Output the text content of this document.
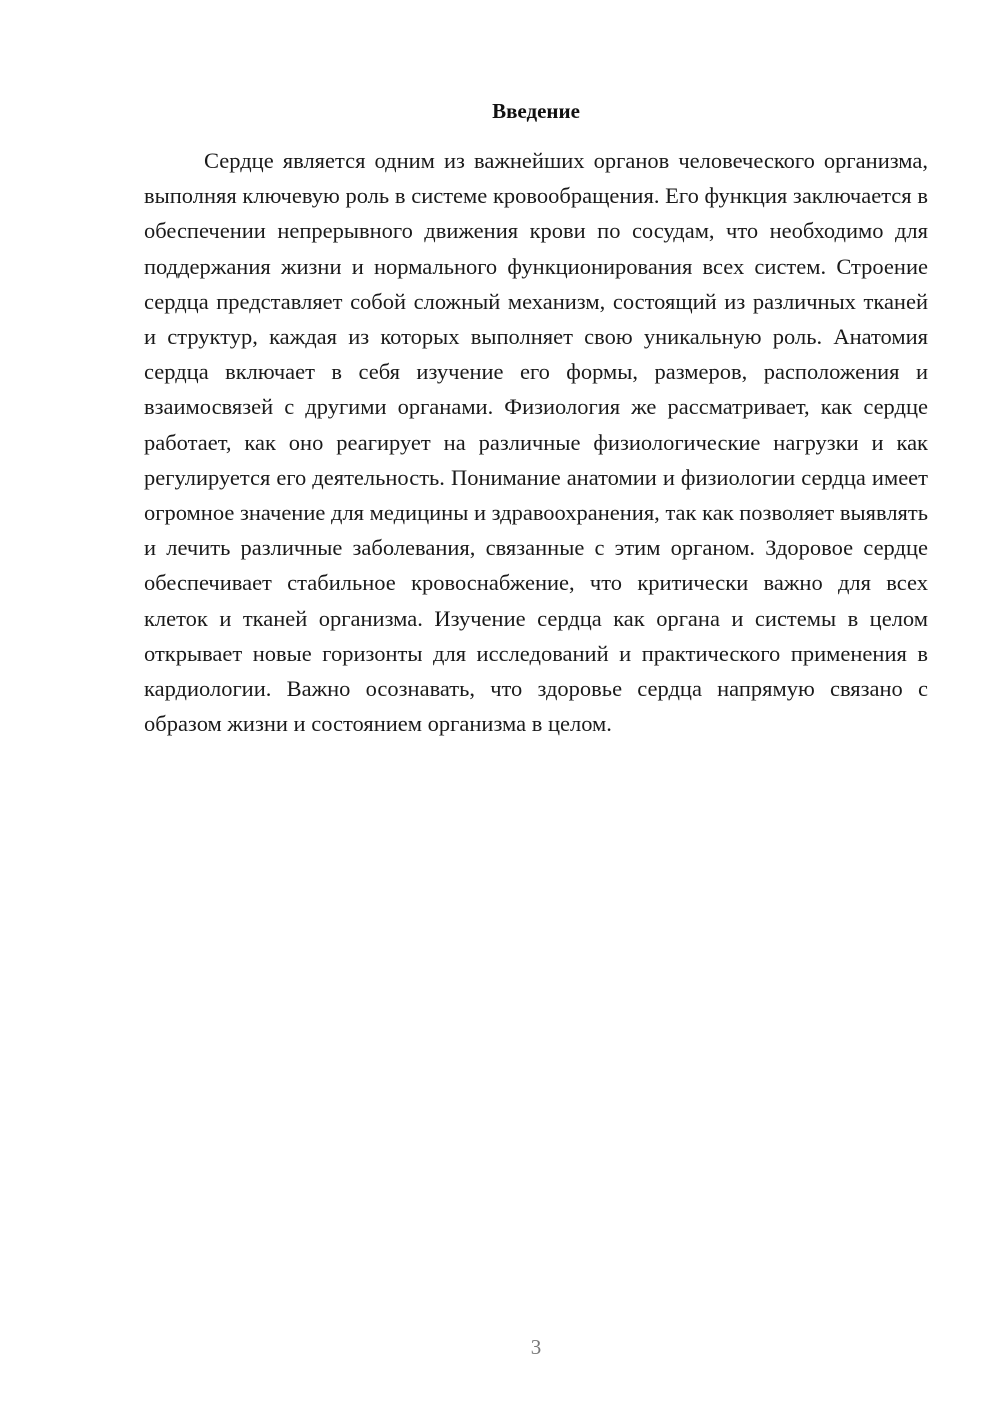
Введение

Сердце является одним из важнейших органов человеческого организма, выполняя ключевую роль в системе кровообращения. Его функция заключается в обеспечении непрерывного движения крови по сосудам, что необходимо для поддержания жизни и нормального функционирования всех систем. Строение сердца представляет собой сложный механизм, состоящий из различных тканей и структур, каждая из которых выполняет свою уникальную роль. Анатомия сердца включает в себя изучение его формы, размеров, расположения и взаимосвязей с другими органами. Физиология же рассматривает, как сердце работает, как оно реагирует на различные физиологические нагрузки и как регулируется его деятельность. Понимание анатомии и физиологии сердца имеет огромное значение для медицины и здравоохранения, так как позволяет выявлять и лечить различные заболевания, связанные с этим органом. Здоровое сердце обеспечивает стабильное кровоснабжение, что критически важно для всех клеток и тканей организма. Изучение сердца как органа и системы в целом открывает новые горизонты для исследований и практического применения в кардиологии. Важно осознавать, что здоровье сердца напрямую связано с образом жизни и состоянием организма в целом.

3
